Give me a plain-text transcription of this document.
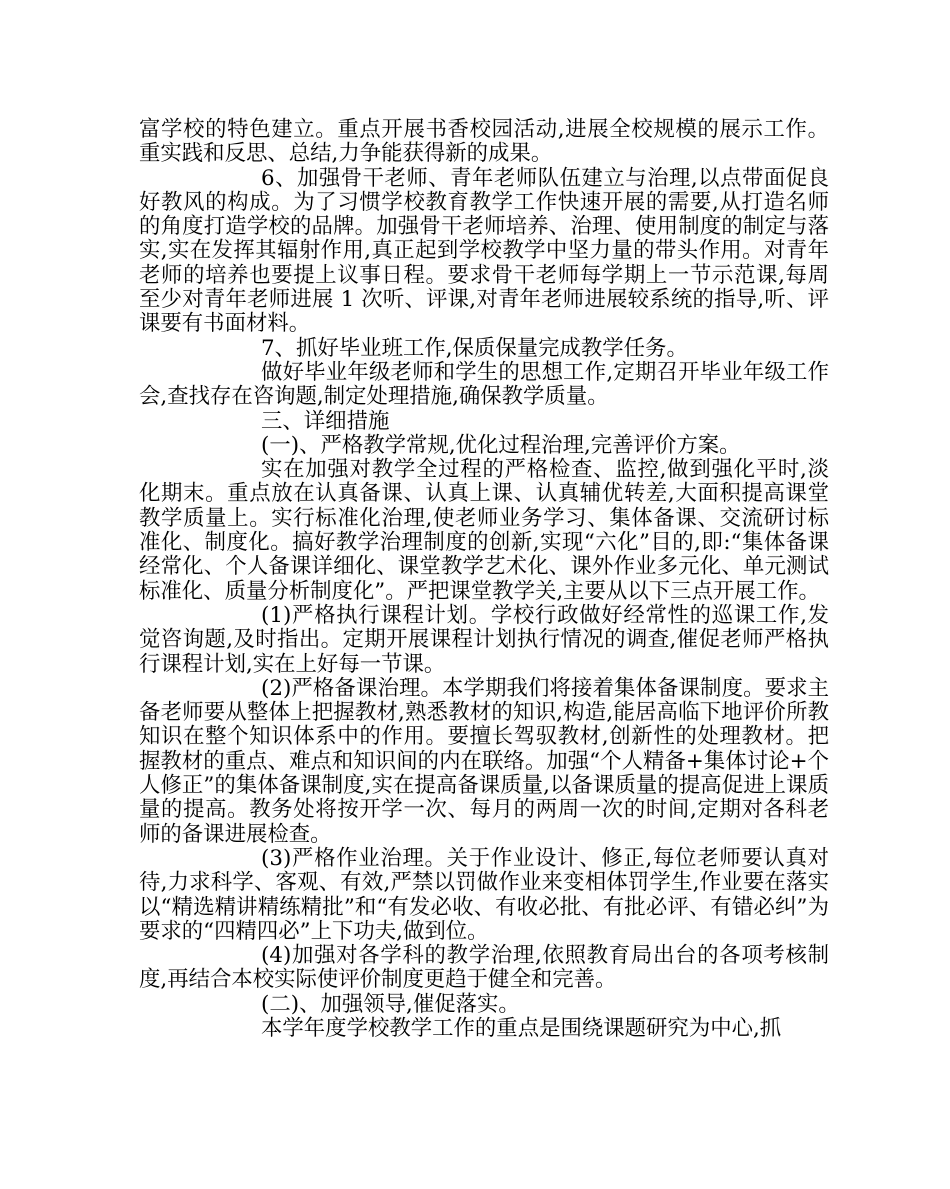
富学校的特色建立。重点开展书香校园活动,进展全校规模的展示工作。重实践和反思、总结,力争能获得新的成果。

6、加强骨干老师、青年老师队伍建立与治理,以点带面促良好教风的构成。为了习惯学校教育教学工作快速开展的需要,从打造名师的角度打造学校的品牌。加强骨干老师培养、治理、使用制度的制定与落实,实在发挥其辐射作用,真正起到学校教学中坚力量的带头作用。对青年老师的培养也要提上议事日程。要求骨干老师每学期上一节示范课,每周至少对青年老师进展 1 次听、评课,对青年老师进展较系统的指导,听、评课要有书面材料。

7、抓好毕业班工作,保质保量完成教学任务。

做好毕业年级老师和学生的思想工作,定期召开毕业年级工作会,查找存在咨询题,制定处理措施,确保教学质量。

三、详细措施

(一)、严格教学常规,优化过程治理,完善评价方案。

实在加强对教学全过程的严格检查、监控,做到强化平时,淡化期末。重点放在认真备课、认真上课、认真辅优转差,大面积提高课堂教学质量上。实行标准化治理,使老师业务学习、集体备课、交流研讨标准化、制度化。搞好教学治理制度的创新,实现“六化”目的,即:“集体备课经常化、个人备课详细化、课堂教学艺术化、课外作业多元化、单元测试标准化、质量分析制度化”。严把课堂教学关,主要从以下三点开展工作。

(1)严格执行课程计划。学校行政做好经常性的巡课工作,发觉咨询题,及时指出。定期开展课程计划执行情况的调查,催促老师严格执行课程计划,实在上好每一节课。

(2)严格备课治理。本学期我们将接着集体备课制度。要求主备老师要从整体上把握教材,熟悉教材的知识,构造,能居高临下地评价所教知识在整个知识体系中的作用。要擅长驾驭教材,创新性的处理教材。把握教材的重点、难点和知识间的内在联络。加强“个人精备+集体讨论+个人修正”的集体备课制度,实在提高备课质量,以备课质量的提高促进上课质量的提高。教务处将按开学一次、每月的两周一次的时间,定期对各科老师的备课进展检查。

(3)严格作业治理。关于作业设计、修正,每位老师要认真对待,力求科学、客观、有效,严禁以罚做作业来变相体罚学生,作业要在落实以“精选精讲精练精批”和“有发必收、有收必批、有批必评、有错必纠”为要求的“四精四必”上下功夫,做到位。

(4)加强对各学科的教学治理,依照教育局出台的各项考核制度,再结合本校实际使评价制度更趋于健全和完善。

(二)、加强领导,催促落实。

本学年度学校教学工作的重点是围绕课题研究为中心,抓
